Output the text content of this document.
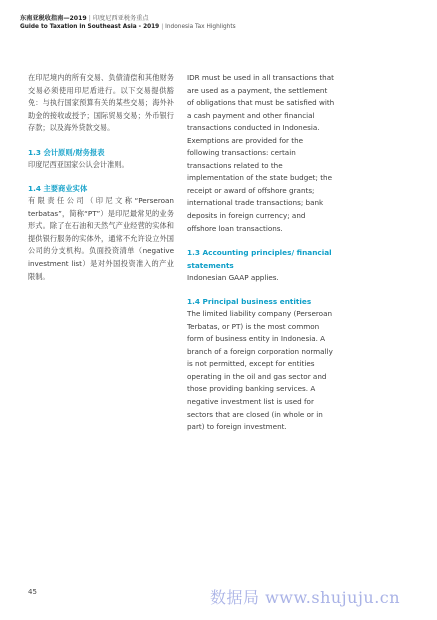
东南亚税收指南—2019 | 印度尼西亚税务重点
Guide to Taxation in Southeast Asia - 2019 | Indonesia Tax Highlights

在印尼境内的所有交易、负债清偿和其他财务交易必须使用印尼盾进行。以下交易提供豁免：与执行国家预算有关的某些交易；海外补助金的接收或授予；国际贸易交易；外币银行存款；以及海外贷款交易。

1.3 会计原则/财务报表

印度尼西亚国家公认会计准则。

1.4 主要商业实体

有限责任公司（印尼文称“Perseroan terbatas”，简称“PT”）是印尼最常见的业务形式。除了在石油和天然气产业经营的实体和提供银行服务的实体外，通常不允许设立外国公司的分支机构。负面投资清单（negative investment list）是对外国投资准入的产业限制。

IDR must be used in all transactions that are used as a payment, the settlement of obligations that must be satisfied with a cash payment and other financial transactions conducted in Indonesia. Exemptions are provided for the following transactions: certain transactions related to the implementation of the state budget; the receipt or award of offshore grants; international trade transactions; bank deposits in foreign currency; and offshore loan transactions.

1.3 Accounting principles/ financial statements

Indonesian GAAP applies.

1.4 Principal business entities

The limited liability company (Perseroan Terbatas, or PT) is the most common form of business entity in Indonesia. A branch of a foreign corporation normally is not permitted, except for entities operating in the oil and gas sector and those providing banking services. A negative investment list is used for sectors that are closed (in whole or in part) to foreign investment.

45	数据局 www.shujuju.cn
